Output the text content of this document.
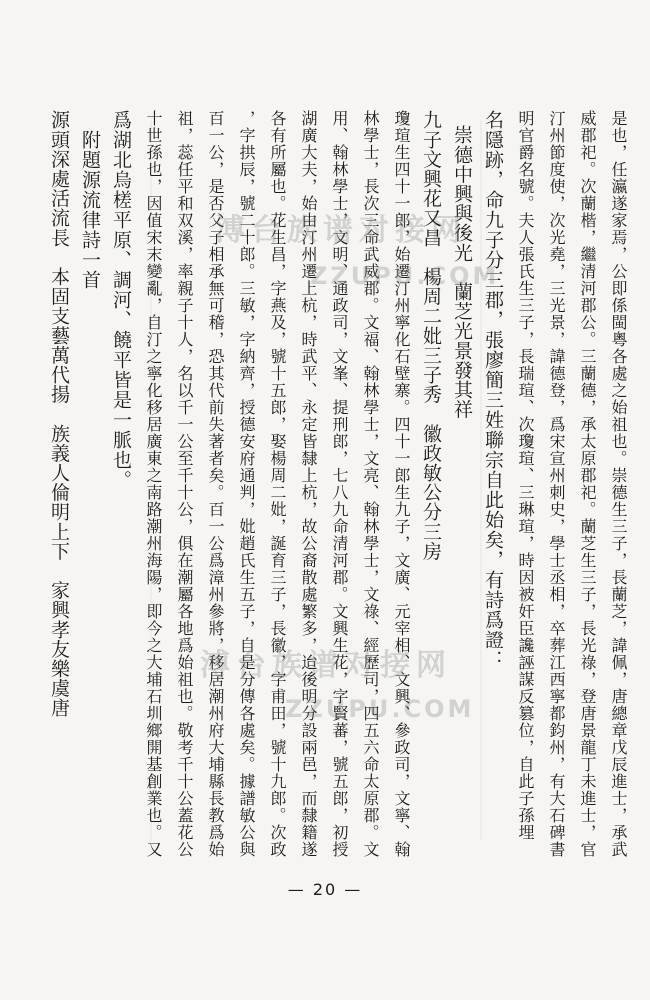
是也，任瀛遂家焉，公即係閩粵各處之始祖也。崇德生三子，長蘭芝，諱佩，唐總章戊辰進士，承武
威郡祀。次蘭楷，繼清河郡公。三蘭德，承太原郡祀。蘭芝生三子，長光祿，登唐景龍丁未進士，官
汀州節度使，次光堯，三光景，諱德登，爲宋宣州刺史，學士丞相，卒葬江西寧都鈞州，有大石碑書
明官爵名號。夫人張氏生三子，長瑞瑄、次瓊瑄、三琳瑄，時因被奸臣讒誣謀反篡位，自此子孫埋
名隱跡，命九子分三郡，張廖簡三姓聯宗自此始矣，有詩爲證：
崇德中興與後光　蘭芝光景發其祥
九子文興花又昌　楊周二妣三子秀　徽政敏公分三房
瓊瑄生四十一郎，始遷汀州寧化石壁寨。四十一郎生九子，文廣、元宰相、文興、參政司，文寧、翰
林學士，長次三命武威郡。文福、翰林學士，文亮、翰林學士，文祿、經歷司，四五六命太原郡。文
用、翰林學士，文明、通政司，文峯、提刑郎，七八九命清河郡。文興生花，字賢蕃，號五郎，初授
湖廣大夫，始由汀州遷上杭，時武平、永定皆隸上杭，故公裔散處繁多，迨後明分設兩邑，而隸籍遂
各有所屬也。花生昌，字燕及，號十五郎，娶楊周二妣，誕育三子，長徽，字甫田，號十九郎。次政
，字拱辰，號二十郎。三敏，字納齊，授德安府通判，妣趙氏生五子，自是分傳各處矣。據譜敏公與
百一公，是否父子相承無可稽，恐其代前失著者矣。百一公爲漳州參將，移居潮州府大埔縣長教爲始
祖，蕊任平和双溪，率親子十人，名以千一公至千十公，俱在潮屬各地爲始祖也。敬考千十公蓋花公
十世孫也，因值宋末變亂，自汀之寧化移居廣東之南路潮州海陽，即今之大埔石圳鄉開基創業也。又
爲湖北烏槎平原、調河、饒平皆是一脈也。
附題源流律詩一首
源頭深處活流長　本固支藝萬代揚　族義人倫明上下　家興孝友樂虞唐
— 20 —
溥台族谱对接网
ZZUPU.COM
溥台族谱对接网
ZZUPU.COM
